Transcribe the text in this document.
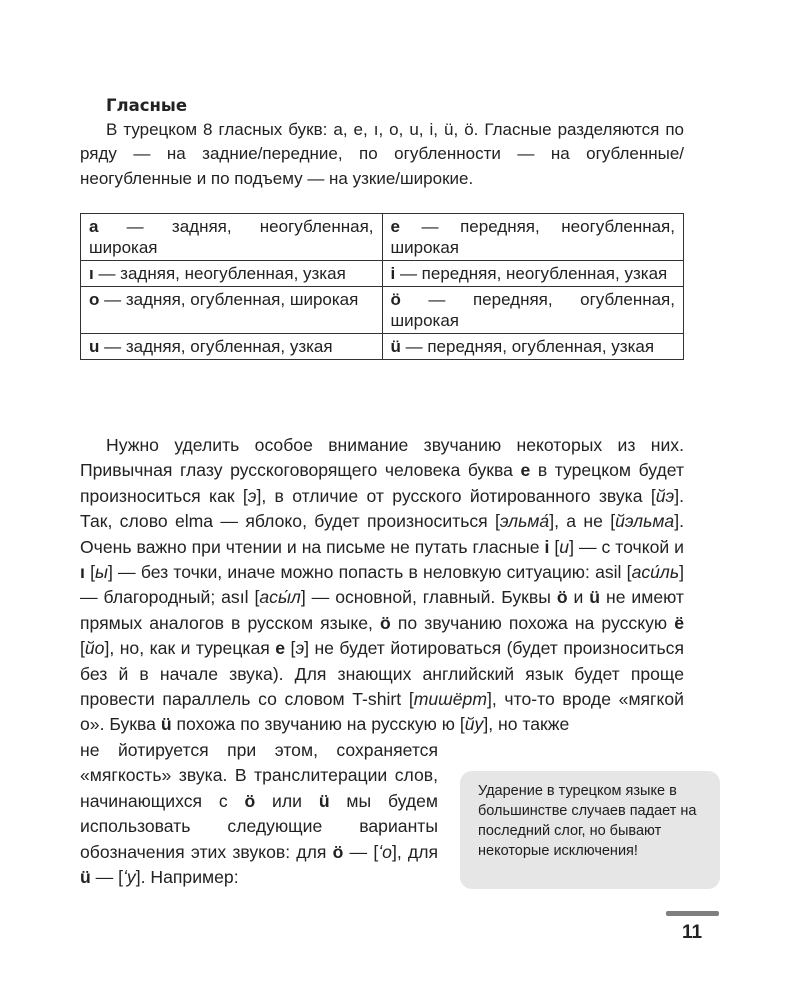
Гласные

В турецком 8 гласных букв: a, e, ı, o, u, i, ü, ö. Гласные разделяются по ряду — на задние/передние, по огубленности — на огубленные/неогубленные и по подъему — на узкие/широкие.

a — задняя, неогубленная, широкая	e — передняя, неогубленная, широкая
ı — задняя, неогубленная, узкая	i — передняя, неогубленная, узкая
o — задняя, огубленная, широкая	ö — передняя, огубленная, широкая
u — задняя, огубленная, узкая	ü — передняя, огубленная, узкая

Нужно уделить особое внимание звучанию некоторых из них. Привычная глазу русскоговорящего человека буква e в турецком будет произноситься как [э], в отличие от русского йотированного звука [йэ]. Так, слово elma — яблоко, будет произноситься [эльма́], а не [йэльма]. Очень важно при чтении и на письме не путать гласные i [и] — с точкой и ı [ы] — без точки, иначе можно попасть в неловкую ситуацию: asil [аси́ль] — благородный; asıl [асы́л] — основной, главный. Буквы ö и ü не имеют прямых аналогов в русском языке, ö по звучанию похожа на русскую ё [йо], но, как и турецкая e [э] не будет йотироваться (будет произноситься без й в начале звука). Для знающих английский язык будет проще провести параллель со словом T-shirt [тишёрт], что-то вроде «мягкой о». Буква ü похожа по звучанию на русскую ю [йу], но также

не йотируется при этом, сохраняется «мягкость» звука. В транслитерации слов, начинающихся с ö или ü мы будем использовать следующие варианты обозначения этих звуков: для ö — [ʻо], для ü — [ʻу]. Например:

Ударение в турецком языке в большинстве случаев падает на последний слог, но бывают некоторые исключения!
11
